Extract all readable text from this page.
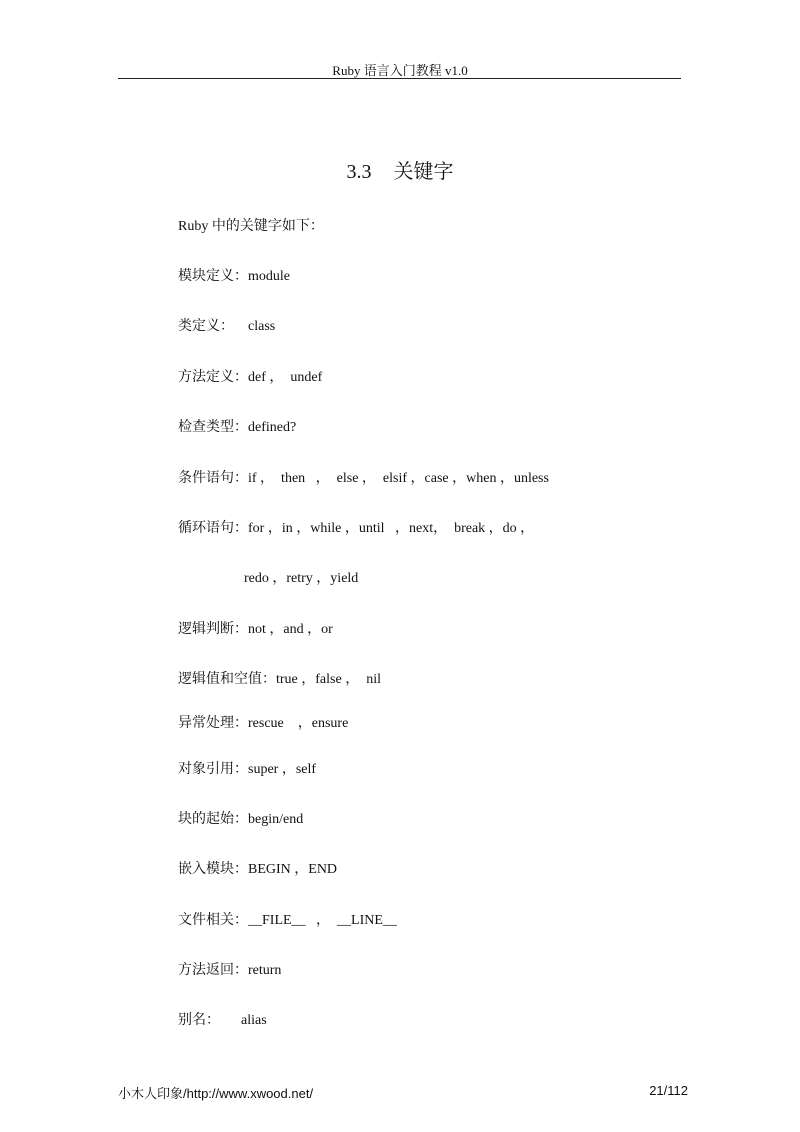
Ruby 语言入门教程 v1.0
3.3 关键字
Ruby 中的关键字如下：
模块定义：module
类定义：    class
方法定义：def ，  undef
检查类型：defined?
条件语句：if ，  then   ，  else ，  elsif ，case ，when ，unless
循环语句：for ，in ，while ，until   ，next，  break ，do ，
redo ，retry ，yield
逻辑判断：not ，and ，or
逻辑值和空值：true ，false ，  nil
异常处理：rescue    ，ensure
对象引用：super ，self
块的起始：begin/end
嵌入模块：BEGIN ，END
文件相关：__FILE__   ，  __LINE__
方法返回：return
别名：      alias
小木人印象/http://www.xwood.net/	21/112
